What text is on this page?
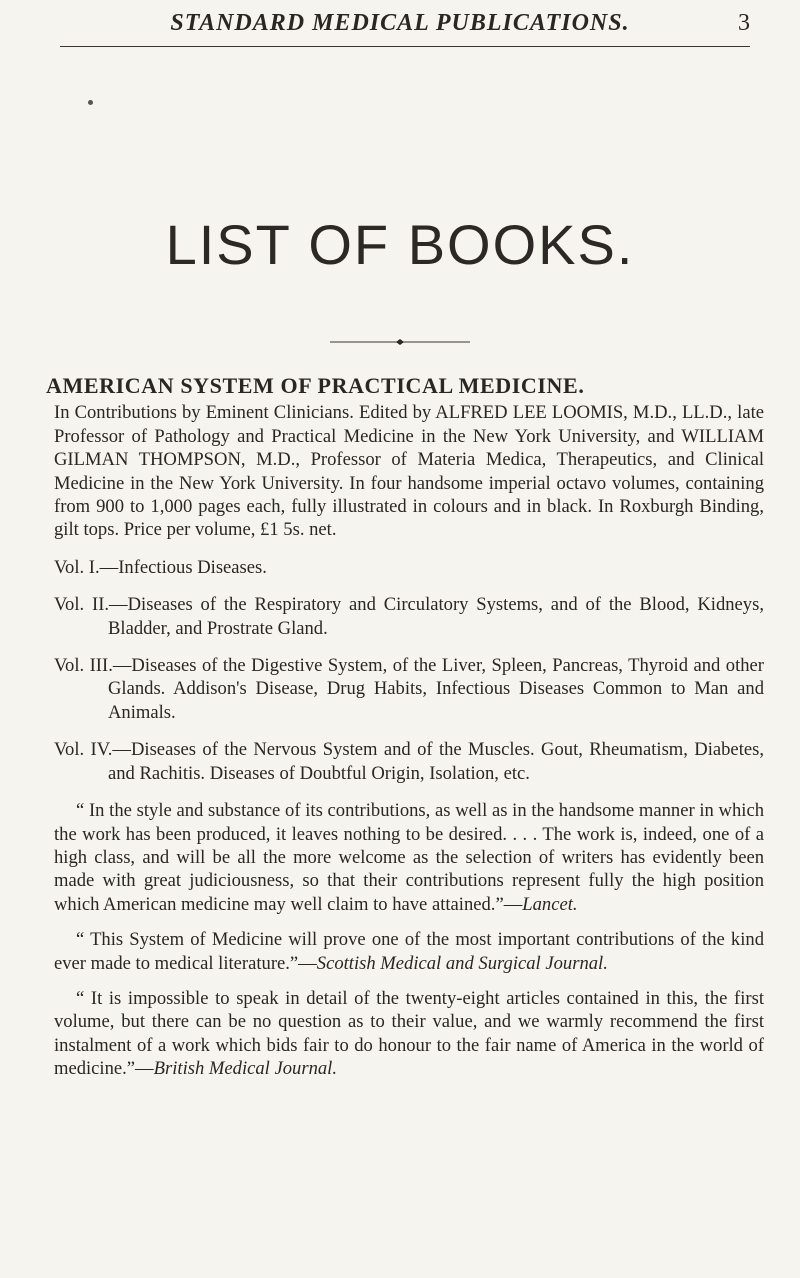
STANDARD MEDICAL PUBLICATIONS.	3
LIST OF BOOKS.
AMERICAN SYSTEM OF PRACTICAL MEDICINE.

In Contributions by Eminent Clinicians. Edited by ALFRED LEE LOOMIS, M.D., LL.D., late Professor of Pathology and Practical Medicine in the New York University, and WILLIAM GILMAN THOMPSON, M.D., Professor of Materia Medica, Therapeutics, and Clinical Medicine in the New York University. In four handsome imperial octavo volumes, containing from 900 to 1,000 pages each, fully illustrated in colours and in black. In Roxburgh Binding, gilt tops. Price per volume, £1 5s. net.

Vol. I.—Infectious Diseases.

Vol. II.—Diseases of the Respiratory and Circulatory Systems, and of the Blood, Kidneys, Bladder, and Prostrate Gland.

Vol. III.—Diseases of the Digestive System, of the Liver, Spleen, Pancreas, Thyroid and other Glands. Addison's Disease, Drug Habits, Infectious Diseases Common to Man and Animals.

Vol. IV.—Diseases of the Nervous System and of the Muscles. Gout, Rheumatism, Diabetes, and Rachitis. Diseases of Doubtful Origin, Isolation, etc.

“ In the style and substance of its contributions, as well as in the handsome manner in which the work has been produced, it leaves nothing to be desired. . . . The work is, indeed, one of a high class, and will be all the more welcome as the selection of writers has evidently been made with great judiciousness, so that their contributions represent fully the high position which American medicine may well claim to have attained.”—Lancet.

“ This System of Medicine will prove one of the most important contributions of the kind ever made to medical literature.”—Scottish Medical and Surgical Journal.

“ It is impossible to speak in detail of the twenty-eight articles contained in this, the first volume, but there can be no question as to their value, and we warmly recommend the first instalment of a work which bids fair to do honour to the fair name of America in the world of medicine.”—British Medical Journal.
